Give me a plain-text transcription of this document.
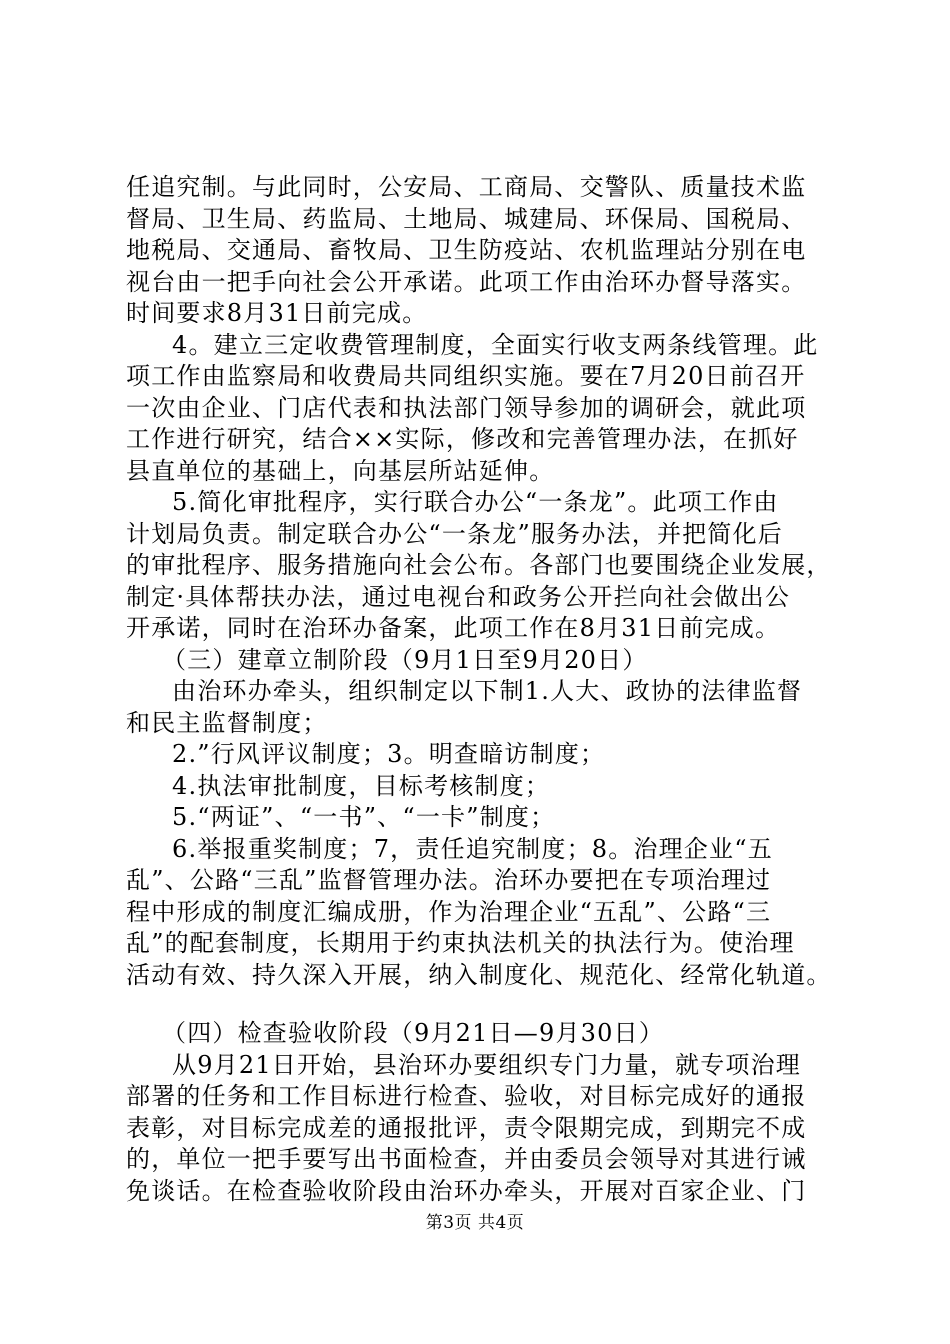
任追究制。与此同时，公安局、工商局、交警队、质量技术监
督局、卫生局、药监局、土地局、城建局、环保局、国税局、
地税局、交通局、畜牧局、卫生防疫站、农机监理站分别在电
视台由一把手向社会公开承诺。此项工作由治环办督导落实。
时间要求8月31日前完成。
4。建立三定收费管理制度，全面实行收支两条线管理。此
项工作由监察局和收费局共同组织实施。要在7月20日前召开
一次由企业、门店代表和执法部门领导参加的调研会，就此项
工作进行研究，结合××实际，修改和完善管理办法，在抓好
县直单位的基础上，向基层所站延伸。
5.简化审批程序，实行联合办公“一条龙”。此项工作由
计划局负责。制定联合办公“一条龙”服务办法，并把简化后
的审批程序、服务措施向社会公布。各部门也要围绕企业发展，
制定·具体帮扶办法，通过电视台和政务公开拦向社会做出公
开承诺，同时在治环办备案，此项工作在8月31日前完成。
（三）建章立制阶段（9月1日至9月20日）
由治环办牵头，组织制定以下制1.人大、政协的法律监督
和民主监督制度；
2.”行风评议制度；3。明查暗访制度；
4.执法审批制度，目标考核制度；
5.“两证”、“一书”、“一卡”制度；
6.举报重奖制度；7，责任追究制度；8。治理企业“五
乱”、公路“三乱”监督管理办法。治环办要把在专项治理过
程中形成的制度汇编成册，作为治理企业“五乱”、公路“三
乱”的配套制度，长期用于约束执法机关的执法行为。使治理
活动有效、持久深入开展，纳入制度化、规范化、经常化轨道。
（四）检查验收阶段（9月21日—9月30日）
从9月21日开始，县治环办要组织专门力量，就专项治理
部署的任务和工作目标进行检查、验收，对目标完成好的通报
表彰，对目标完成差的通报批评，责令限期完成，到期完不成
的，单位一把手要写出书面检查，并由委员会领导对其进行诫
免谈话。在检查验收阶段由治环办牵头，开展对百家企业、门
第3页 共4页
